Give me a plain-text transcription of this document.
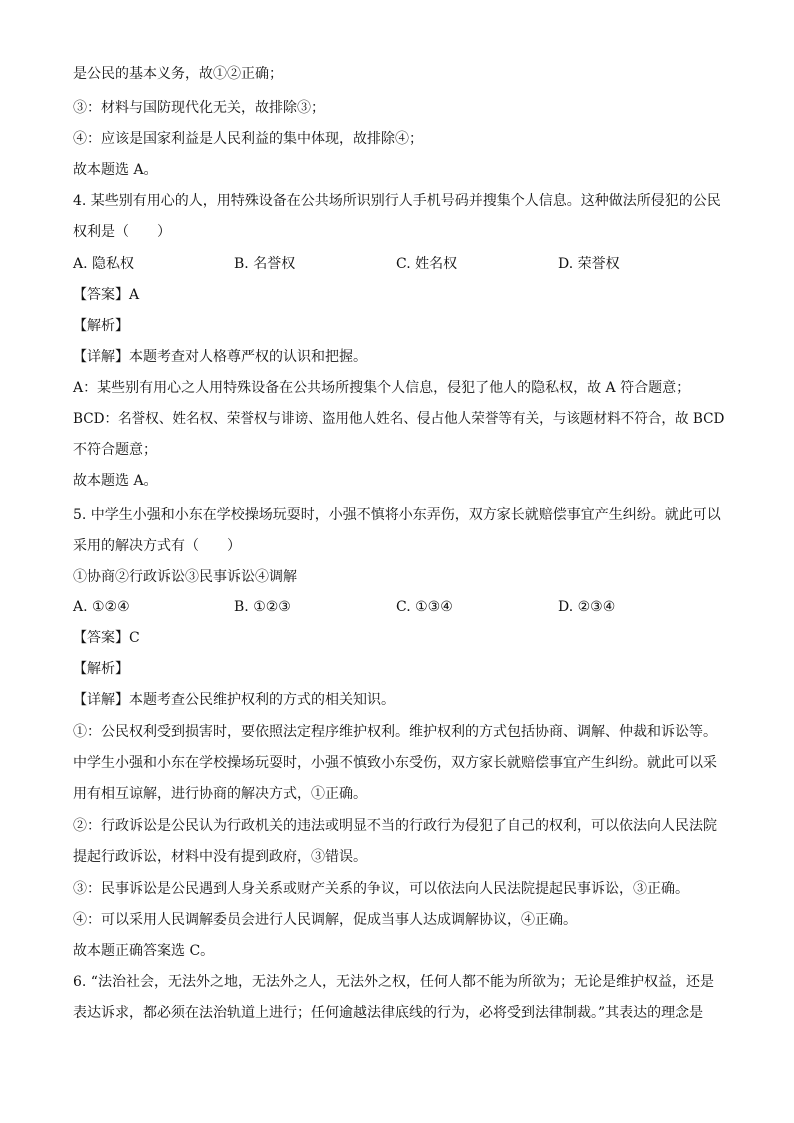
是公民的基本义务，故①②正确；
③：材料与国防现代化无关，故排除③；
④：应该是国家利益是人民利益的集中体现，故排除④；
故本题选 A。
4. 某些别有用心的人，用特殊设备在公共场所识别行人手机号码并搜集个人信息。这种做法所侵犯的公民
权利是（　　）
A. 隐私权	B. 名誉权	C. 姓名权	D. 荣誉权
【答案】A
【解析】
【详解】本题考查对人格尊严权的认识和把握。
A：某些别有用心之人用特殊设备在公共场所搜集个人信息，侵犯了他人的隐私权，故 A 符合题意；
BCD：名誉权、姓名权、荣誉权与诽谤、盗用他人姓名、侵占他人荣誉等有关，与该题材料不符合，故 BCD
不符合题意；
故本题选 A。
5. 中学生小强和小东在学校操场玩耍时，小强不慎将小东弄伤，双方家长就赔偿事宜产生纠纷。就此可以
采用的解决方式有（　　）
①协商②行政诉讼③民事诉讼④调解
A. ①②④	B. ①②③	C. ①③④	D. ②③④
【答案】C
【解析】
【详解】本题考查公民维护权利的方式的相关知识。
①：公民权利受到损害时，要依照法定程序维护权利。维护权利的方式包括协商、调解、仲裁和诉讼等。
中学生小强和小东在学校操场玩耍时，小强不慎致小东受伤，双方家长就赔偿事宜产生纠纷。就此可以采
用有相互谅解，进行协商的解决方式，①正确。
②：行政诉讼是公民认为行政机关的违法或明显不当的行政行为侵犯了自己的权利，可以依法向人民法院
提起行政诉讼，材料中没有提到政府，③错误。
③：民事诉讼是公民遇到人身关系或财产关系的争议，可以依法向人民法院提起民事诉讼，③正确。
④：可以采用人民调解委员会进行人民调解，促成当事人达成调解协议，④正确。
故本题正确答案选 C。
6. “法治社会，无法外之地，无法外之人，无法外之权，任何人都不能为所欲为；无论是维护权益，还是
表达诉求，都必须在法治轨道上进行；任何逾越法律底线的行为，必将受到法律制裁。”其表达的理念是
